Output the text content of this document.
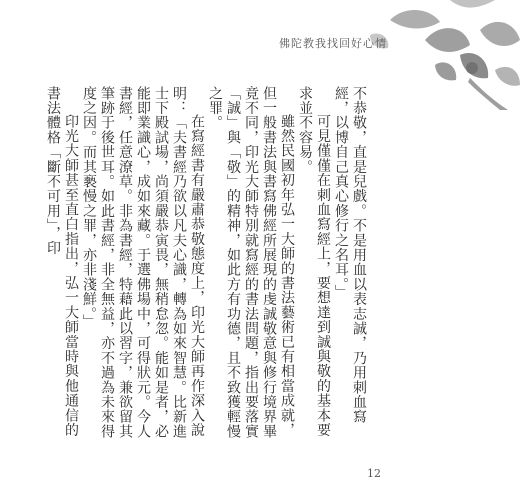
佛陀教我找回好心情

不恭敬，直是兒戲。不是用血以表志誠，乃用刺血寫經，以博自己真心修行之名耳。」

可見僅僅在刺血寫經上，要想達到誠與敬的基本要求並不容易。

雖然民國初年弘一大師的書法藝術已有相當成就，但一般書法與書寫佛經所展現的虔誠敬意與修行境界畢竟不同，印光大師特別就寫經的書法問題，指出要落實「誠」與「敬」的精神，如此方有功德，且不致獲輕慢之罪。

在寫經書有嚴肅恭敬態度上，印光大師再作深入說明：「夫書經乃欲以凡夫心識，轉為如來智慧。比新進士下殿試場，尚須嚴恭寅畏，無稍怠忽。能如是者，必能即業識心，成如來藏。于選佛場中，可得狀元。今人書經，任意潦草。非為書經，特藉此以習字，兼欲留其筆跡于後世耳。如此書經，非全無益，亦不過為未來得度之因。而其褻慢之罪，亦非淺鮮。」

印光大師甚至直白指出，弘一大師當時與他通信的書法體格「斷不可用」，印

12
